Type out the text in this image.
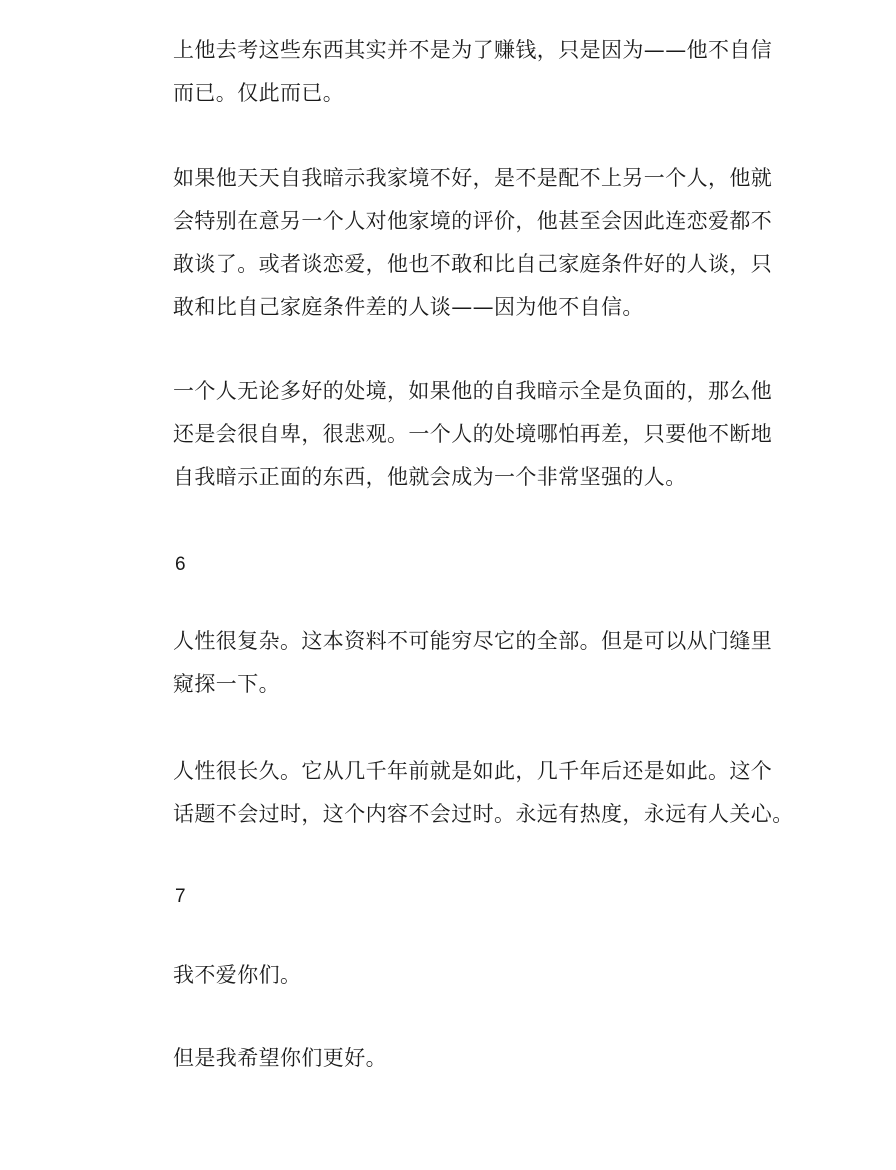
上他去考这些东西其实并不是为了赚钱，只是因为——他不自信
而已。仅此而已。

如果他天天自我暗示我家境不好，是不是配不上另一个人，他就
会特别在意另一个人对他家境的评价，他甚至会因此连恋爱都不
敢谈了。或者谈恋爱，他也不敢和比自己家庭条件好的人谈，只
敢和比自己家庭条件差的人谈——因为他不自信。

一个人无论多好的处境，如果他的自我暗示全是负面的，那么他
还是会很自卑，很悲观。一个人的处境哪怕再差，只要他不断地
自我暗示正面的东西，他就会成为一个非常坚强的人。

6

人性很复杂。这本资料不可能穷尽它的全部。但是可以从门缝里
窥探一下。

人性很长久。它从几千年前就是如此，几千年后还是如此。这个
话题不会过时，这个内容不会过时。永远有热度，永远有人关心。

7

我不爱你们。

但是我希望你们更好。
